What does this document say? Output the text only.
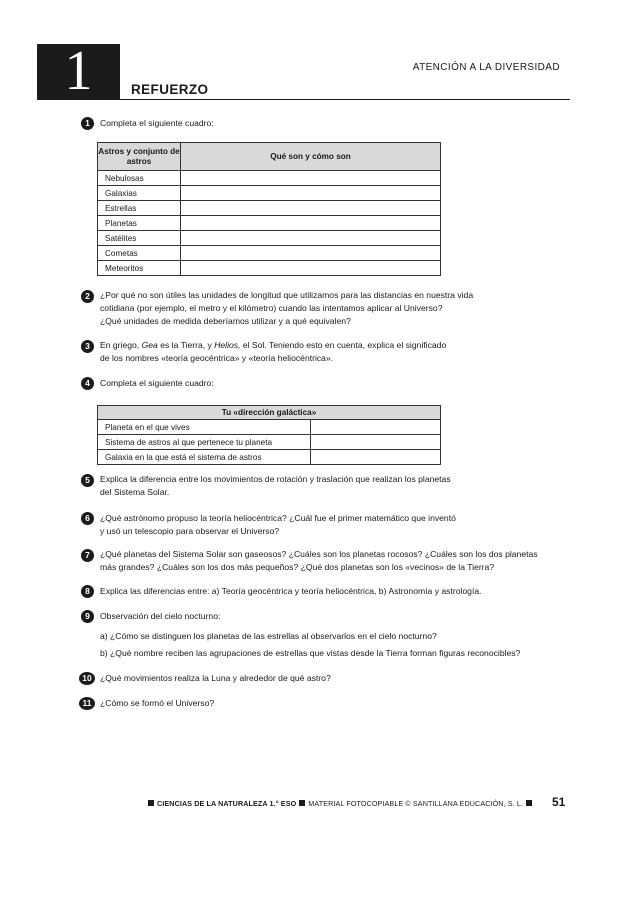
1	REFUERZO
ATENCIÓN A LA DIVERSIDAD
1	Completa el siguiente cuadro:
Astros y conjunto de astros	Qué son y cómo son
Nebulosas	
Galaxias	
Estrellas	
Planetas	
Satélites	
Cometas	
Meteoritos	
2	¿Por qué no son útiles las unidades de longitud que utilizamos para las distancias en nuestra vida
cotidiana (por ejemplo, el metro y el kilómetro) cuando las intentamos aplicar al Universo?
¿Qué unidades de medida deberíamos utilizar y a qué equivalen?
3	En griego, Gea es la Tierra, y Helios, el Sol. Teniendo esto en cuenta, explica el significado
de los nombres «teoría geocéntrica» y «teoría heliocéntrica».
4	Completa el siguiente cuadro:
Tu «dirección galáctica»	
Planeta en el que vives	
Sistema de astros al que pertenece tu planeta	
Galaxia en la que está el sistema de astros	
5	Explica la diferencia entre los movimientos de rotación y traslación que realizan los planetas
del Sistema Solar.
6	¿Qué astrónomo propuso la teoría heliocéntrica? ¿Cuál fue el primer matemático que inventó
y usó un telescopio para observar el Universo?
7	¿Qué planetas del Sistema Solar son gaseosos? ¿Cuáles son los planetas rocosos? ¿Cuáles son los dos planetas
más grandes? ¿Cuáles son los dos más pequeños? ¿Qué dos planetas son los «vecinos» de la Tierra?
8	Explica las diferencias entre: a) Teoría geocéntrica y teoría heliocéntrica, b) Astronomía y astrología.
9	Observación del cielo nocturno:
a) ¿Cómo se distinguen los planetas de las estrellas al observarlos en el cielo nocturno?
b) ¿Qué nombre reciben las agrupaciones de estrellas que vistas desde la Tierra forman figuras reconocibles?
10 ¿Qué movimientos realiza la Luna y alrededor de qué astro?
11 ¿Cómo se formó el Universo?
CIENCIAS DE LA NATURALEZA 1.° ESO MATERIAL FOTOCOPIABLE © SANTILLANA EDUCACIÓN, S. L.	51
